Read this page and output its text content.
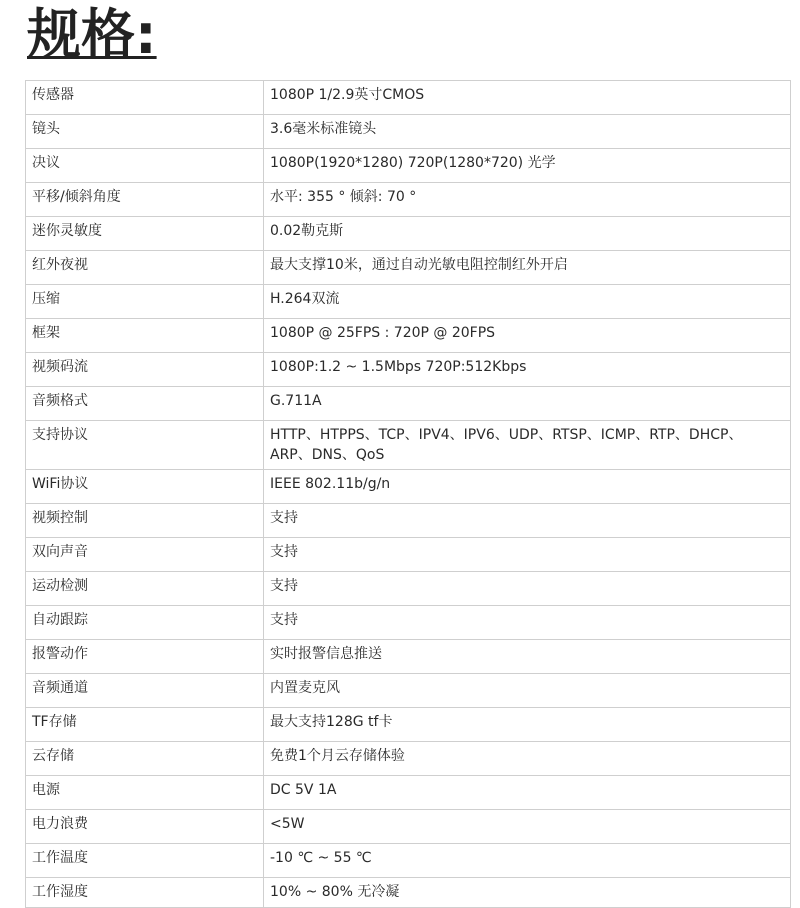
规格:
传感器	1080P 1/2.9英寸CMOS
镜头	3.6毫米标准镜头
决议	1080P(1920*1280) 720P(1280*720) 光学
平移/倾斜角度	水平: 355 ° 倾斜: 70 °
迷你灵敏度	0.02勒克斯
红外夜视	最大支撑10米，通过自动光敏电阻控制红外开启
压缩	H.264双流
框架	1080P @ 25FPS : 720P @ 20FPS
视频码流	1080P:1.2 ~ 1.5Mbps 720P:512Kbps
音频格式	G.711A
支持协议	HTTP、HTPPS、TCP、IPV4、IPV6、UDP、RTSP、ICMP、RTP、DHCP、ARP、DNS、QoS
WiFi协议	IEEE 802.11b/g/n
视频控制	支持
双向声音	支持
运动检测	支持
自动跟踪	支持
报警动作	实时报警信息推送
音频通道	内置麦克风
TF存储	最大支持128G tf卡
云存储	免费1个月云存储体验
电源	DC 5V 1A
电力浪费	<5W
工作温度	-10 ℃ ~ 55 ℃
工作湿度	10% ~ 80% 无冷凝
